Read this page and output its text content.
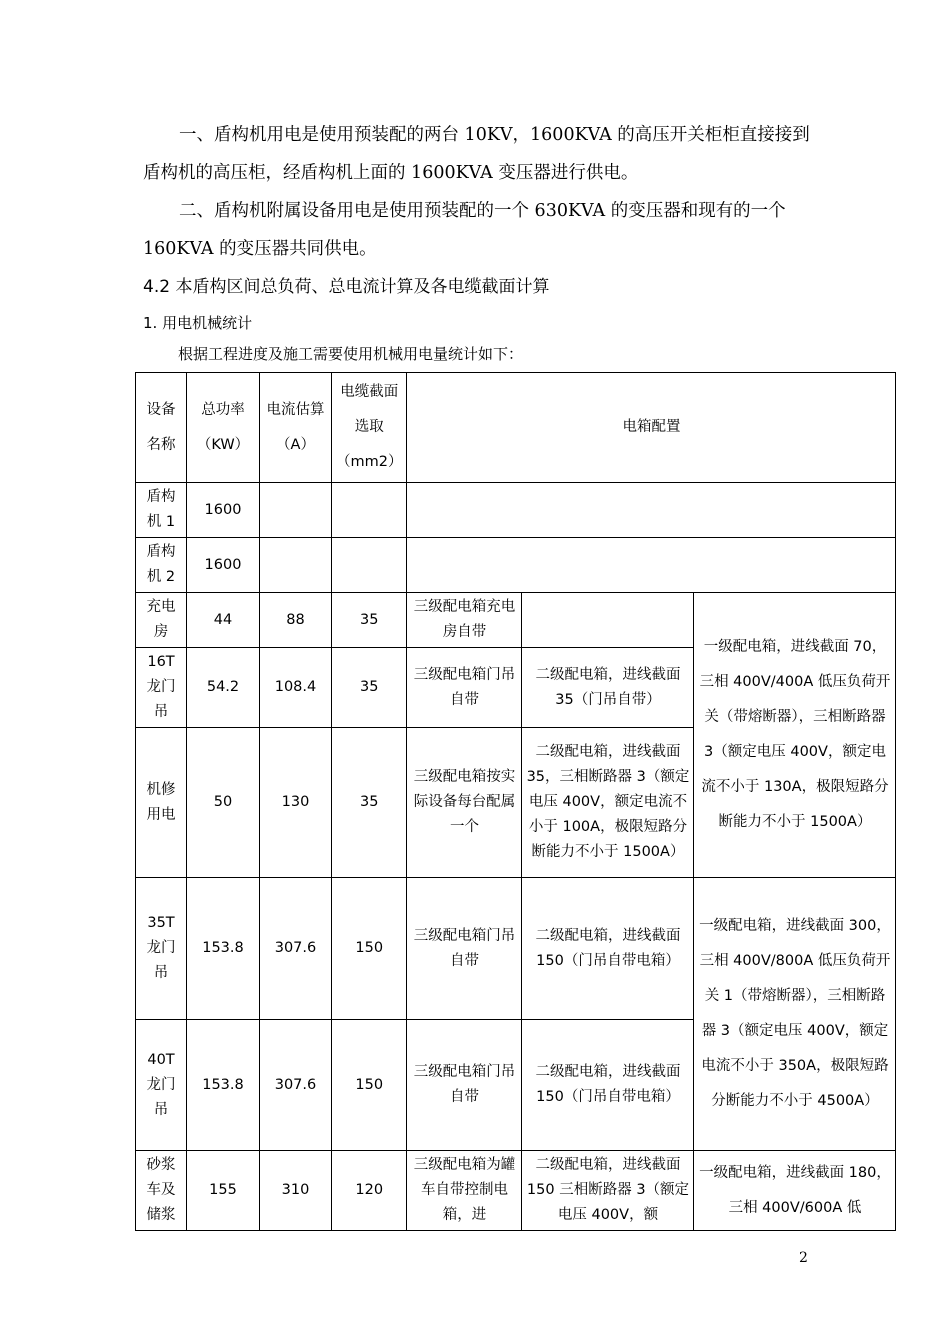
一、盾构机用电是使用预装配的两台 10KV，1600KVA 的高压开关柜柜直接接到盾构机的高压柜，经盾构机上面的 1600KVA 变压器进行供电。

二、盾构机附属设备用电是使用预装配的一个 630KVA 的变压器和现有的一个 160KVA 的变压器共同供电。

4.2 本盾构区间总负荷、总电流计算及各电缆截面计算

1. 用电机械统计

根据工程进度及施工需要使用机械用电量统计如下：

设备名称	总功率（KW）	电流估算（A）	电缆截面选取（mm2）	电箱配置		
盾构机 1	1600					
盾构机 2	1600					
充电房	44	88	35	三级配电箱充电房自带		一级配电箱，进线截面 70，三相 400V/400A 低压负荷开关（带熔断器），三相断路器 3（额定电压 400V，额定电流不小于 130A，极限短路分断能力不小于 1500A）
16T 龙门吊	54.2	108.4	35	三级配电箱门吊自带	二级配电箱，进线截面 35（门吊自带）	
机修用电	50	130	35	三级配电箱按实际设备每台配属一个	二级配电箱，进线截面 35，三相断路器 3（额定电压 400V，额定电流不小于 100A，极限短路分断能力不小于 1500A）	
35T 龙门吊	153.8	307.6	150	三级配电箱门吊自带	二级配电箱，进线截面 150（门吊自带电箱）	一级配电箱，进线截面 300，三相 400V/800A 低压负荷开关 1（带熔断器），三相断路器 3（额定电压 400V，额定电流不小于 350A，极限短路分断能力不小于 4500A）
40T 龙门吊	153.8	307.6	150	三级配电箱门吊自带	二级配电箱，进线截面 150（门吊自带电箱）	
砂浆车及储浆	155	310	120	三级配电箱为罐车自带控制电箱，进	二级配电箱，进线截面 150 三相断路器 3（额定电压 400V，额	一级配电箱，进线截面 180，三相 400V/600A 低
2
